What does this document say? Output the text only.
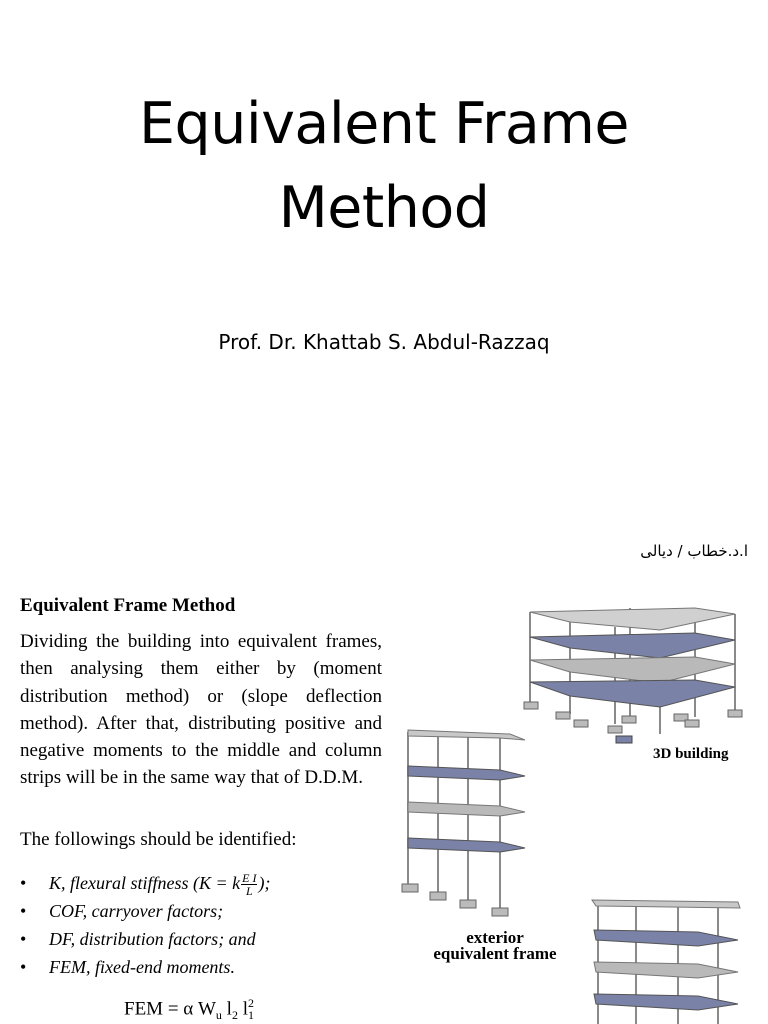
Equivalent Frame
Method
Prof. Dr. Khattab S. Abdul-Razzaq
ا.د.خطاب / ديالى
Equivalent Frame Method

Dividing the building into equivalent frames, then analysing them either by (moment distribution method) or (slope deflection method). After that, distributing positive and negative moments to the middle and column strips will be in the same way that of D.D.M.

The followings should be identified:
• K, flexural stiffness (K = k $\frac{\text{E I}}{L}$ );
• COF, carryover factors;
• DF, distribution factors; and
• FEM, fixed-end moments.
FEM = α $W_u$ $l_2$ $l^2_1$
3D building
exterior
equivalent frame
